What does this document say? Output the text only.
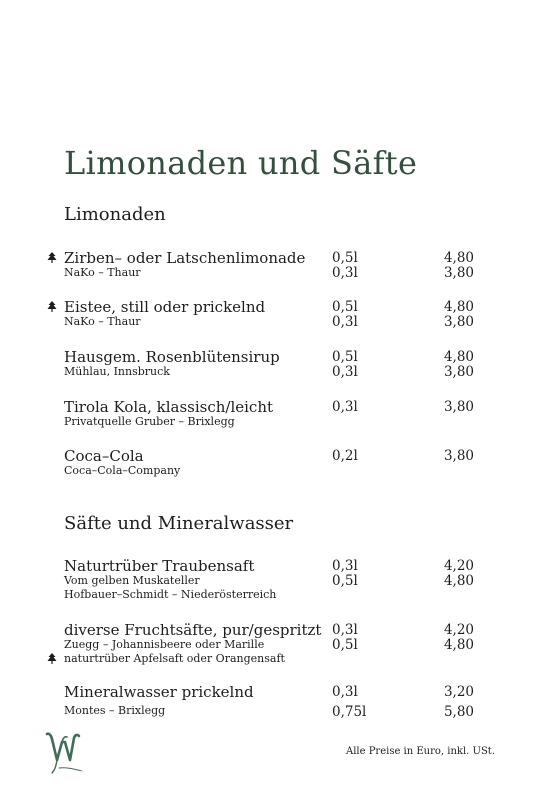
Limonaden und Säfte
Limonaden
Zirben– oder Latschenlimonade 0,5l	4,80
NaKo – Thaur	0,3l	3,80
Eistee, still oder prickelnd	0,5l	4,80
NaKo – Thaur	0,3l	3,80
Hausgem. Rosenblütensirup	0,5l	4,80
Mühlau, Innsbruck	0,3l	3,80
Tirola Kola, klassisch/leicht	0,3l	3,80
Privatquelle Gruber – Brixlegg
Coca–Cola	0,2l	3,80
Coca–Cola–Company
Säfte und Mineralwasser
Naturtrüber Traubensaft	0,3l	4,20
Vom gelben Muskateller	0,5l	4,80
Hofbauer–Schmidt – Niederösterreich
diverse Fruchtsäfte, pur/gespritzt 0,3l	4,20
Zuegg – Johannisbeere oder Marille	0,5l	4,80
naturtrüber Apfelsaft oder Orangensaft
Mineralwasser prickelnd	0,3l	3,20
Montes – Brixlegg	0,75l	5,80
Alle Preise in Euro, inkl. USt.
